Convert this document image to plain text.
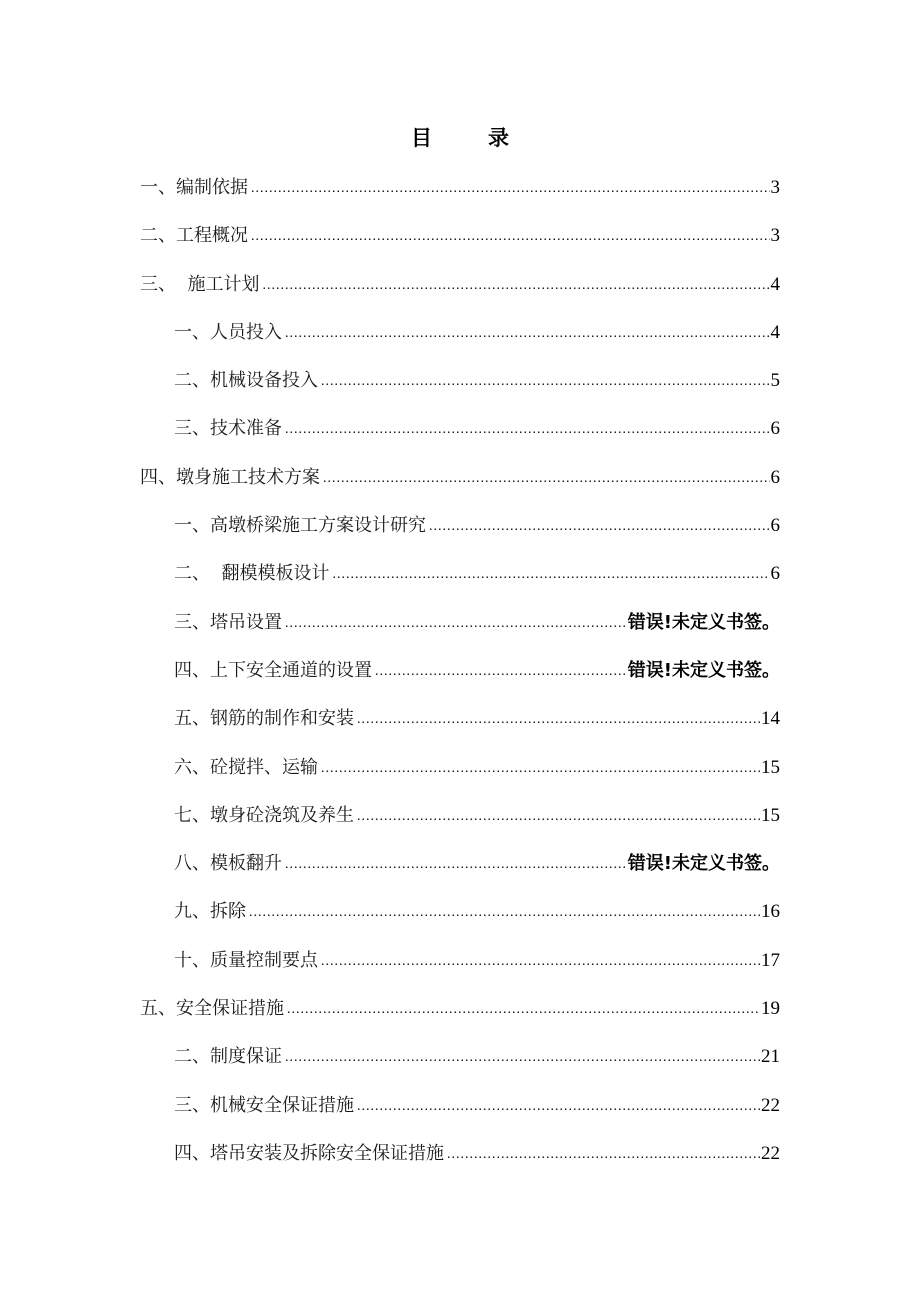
目	录
一、编制依据 .....	3
二、工程概况 .....	3
三、  施工计划 .....	4
一、人员投入 .....	4
二、机械设备投入 .....	5
三、技术准备 .....	6
四、墩身施工技术方案 .....	6
一、高墩桥梁施工方案设计研究 .....	6
二、  翻模模板设计 .....	6
三、塔吊设置 .....	错误!未定义书签。
四、上下安全通道的设置 .....	错误!未定义书签。
五、钢筋的制作和安装 .....	14
六、砼搅拌、运输 .....	15
七、墩身砼浇筑及养生 .....	15
八、模板翻升 .....	错误!未定义书签。
九、拆除 .....	16
十、质量控制要点 .....	17
五、安全保证措施 .....	19
二、制度保证 .....	21
三、机械安全保证措施 .....	22
四、塔吊安装及拆除安全保证措施 .....	22
